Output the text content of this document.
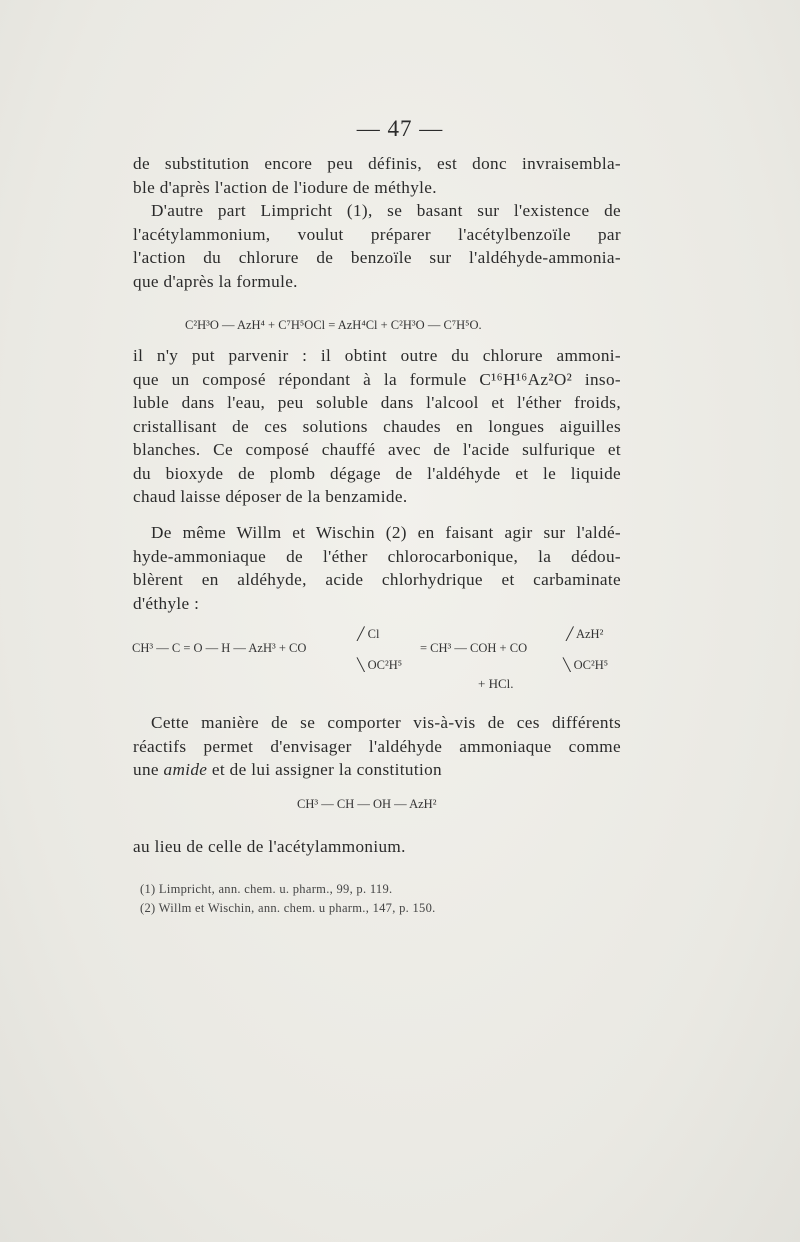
— 47 —
de substitution encore peu définis, est donc invraisembla-
ble d'après l'action de l'iodure de méthyle.
D'autre part Limpricht (1), se basant sur l'existence de
l'acétylammonium, voulut préparer l'acétylbenzoïle par
l'action du chlorure de benzoïle sur l'aldéhyde-ammonia-
que d'après la formule.
C²H³O — AzH⁴ + C⁷H⁵OCl = AzH⁴Cl + C²H³O — C⁷H⁵O.
il n'y put parvenir : il obtint outre du chlorure ammoni-
que un composé répondant à la formule C¹⁶H¹⁶Az²O² inso-
luble dans l'eau, peu soluble dans l'alcool et l'éther froids,
cristallisant de ces solutions chaudes en longues aiguilles
blanches. Ce composé chauffé avec de l'acide sulfurique et
du bioxyde de plomb dégage de l'aldéhyde et le liquide
chaud laisse déposer de la benzamide.
De même Willm et Wischin (2) en faisant agir sur l'aldé-
hyde-ammoniaque de l'éther chlorocarbonique, la dédou-
blèrent en aldéhyde, acide chlorhydrique et carbaminate
d'éthyle :
╱ Cl
CH³ — C = O — H — AzH³ + CO
╲ OC²H⁵
= CH³ — COH + CO
╱ AzH²
╲ OC²H⁵
+ HCl.
Cette manière de se comporter vis-à-vis de ces différents
réactifs permet d'envisager l'aldéhyde ammoniaque comme
une amide et de lui assigner la constitution
CH³ — CH — OH — AzH²
au lieu de celle de l'acétylammonium.
(1) Limpricht, ann. chem. u. pharm., 99, p. 119.
(2) Willm et Wischin, ann. chem. u pharm., 147, p. 150.
